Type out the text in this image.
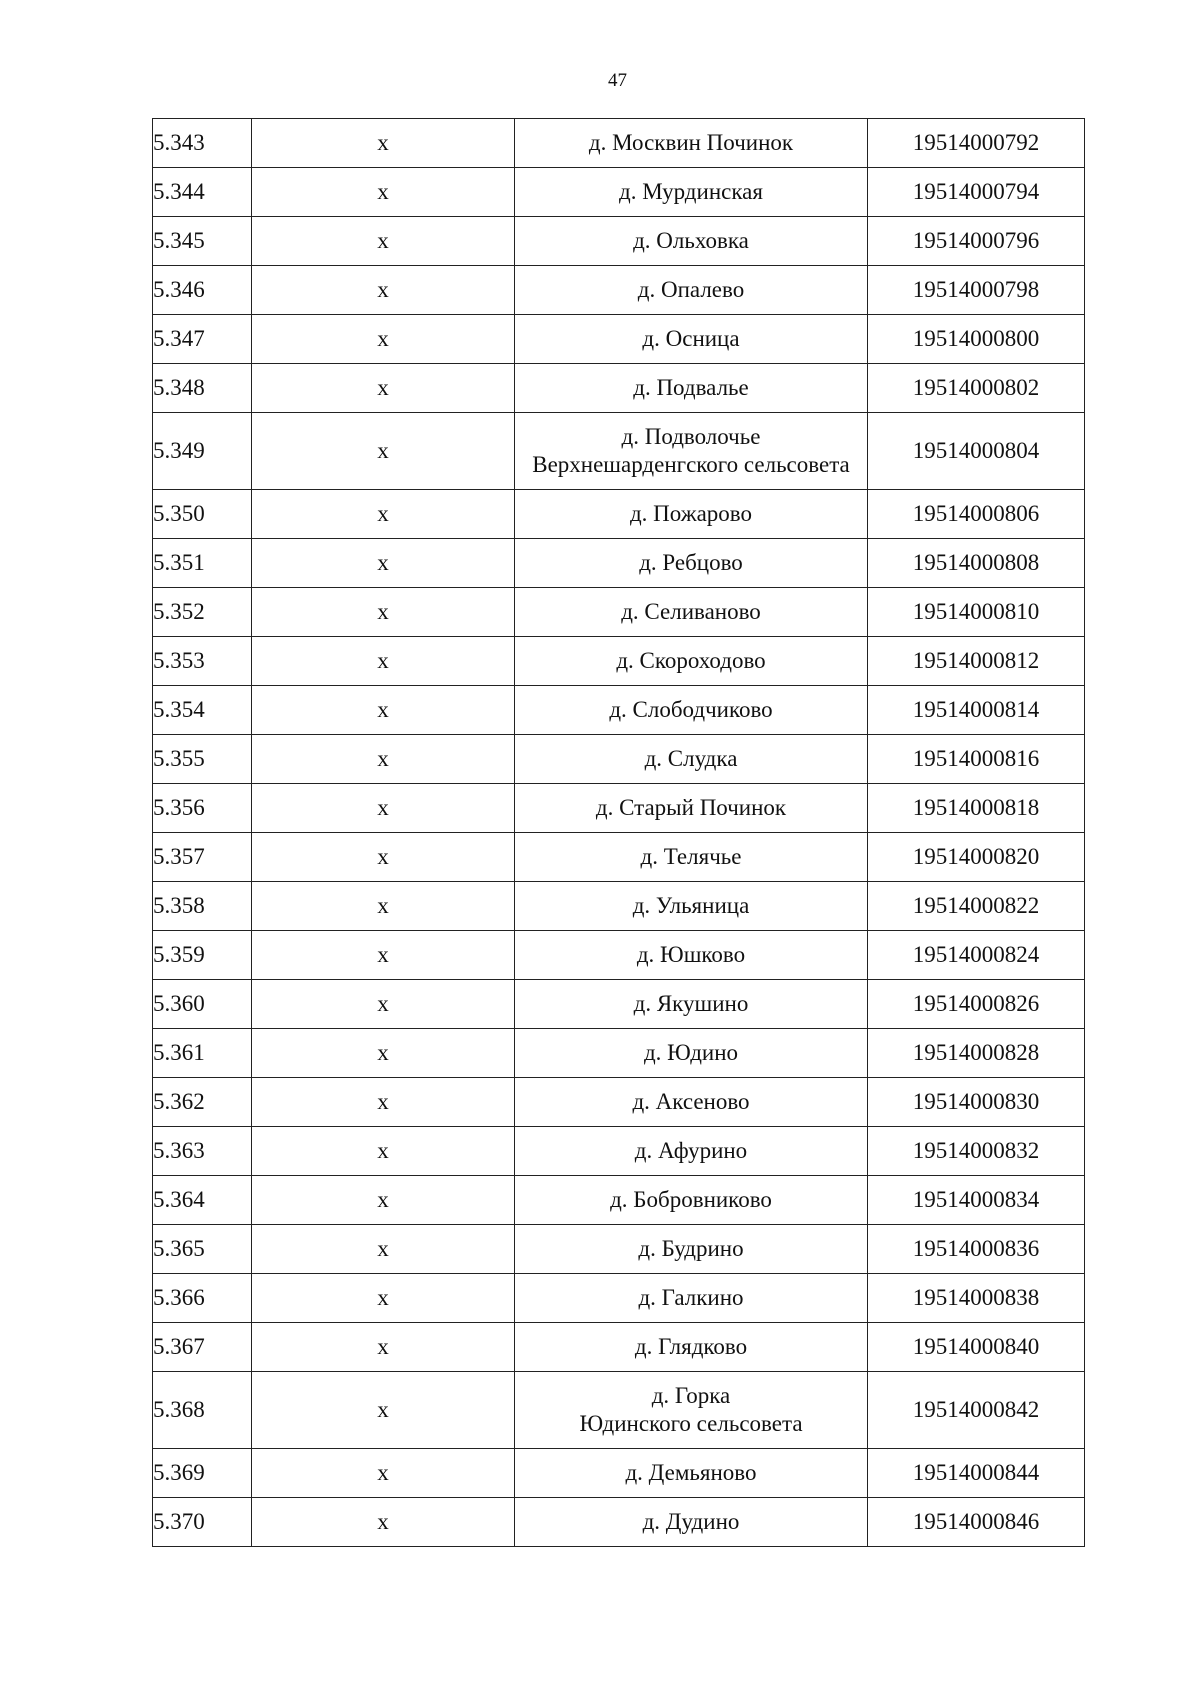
47
5.343	х	д. Москвин Починок	19514000792
5.344	х	д. Мурдинская	19514000794
5.345	х	д. Ольховка	19514000796
5.346	х	д. Опалево	19514000798
5.347	х	д. Осница	19514000800
5.348	х	д. Подвалье	19514000802
5.349	х	д. Подволочье
Верхнешарденгского сельсовета	19514000804
5.350	х	д. Пожарово	19514000806
5.351	х	д. Ребцово	19514000808
5.352	х	д. Селиваново	19514000810
5.353	х	д. Скороходово	19514000812
5.354	х	д. Слободчиково	19514000814
5.355	х	д. Слудка	19514000816
5.356	х	д. Старый Починок	19514000818
5.357	х	д. Телячье	19514000820
5.358	х	д. Ульяница	19514000822
5.359	х	д. Юшково	19514000824
5.360	х	д. Якушино	19514000826
5.361	х	д. Юдино	19514000828
5.362	х	д. Аксеново	19514000830
5.363	х	д. Афурино	19514000832
5.364	х	д. Бобровниково	19514000834
5.365	х	д. Будрино	19514000836
5.366	х	д. Галкино	19514000838
5.367	х	д. Глядково	19514000840
5.368	х	д. Горка
Юдинского сельсовета	19514000842
5.369	х	д. Демьяново	19514000844
5.370	х	д. Дудино	19514000846
